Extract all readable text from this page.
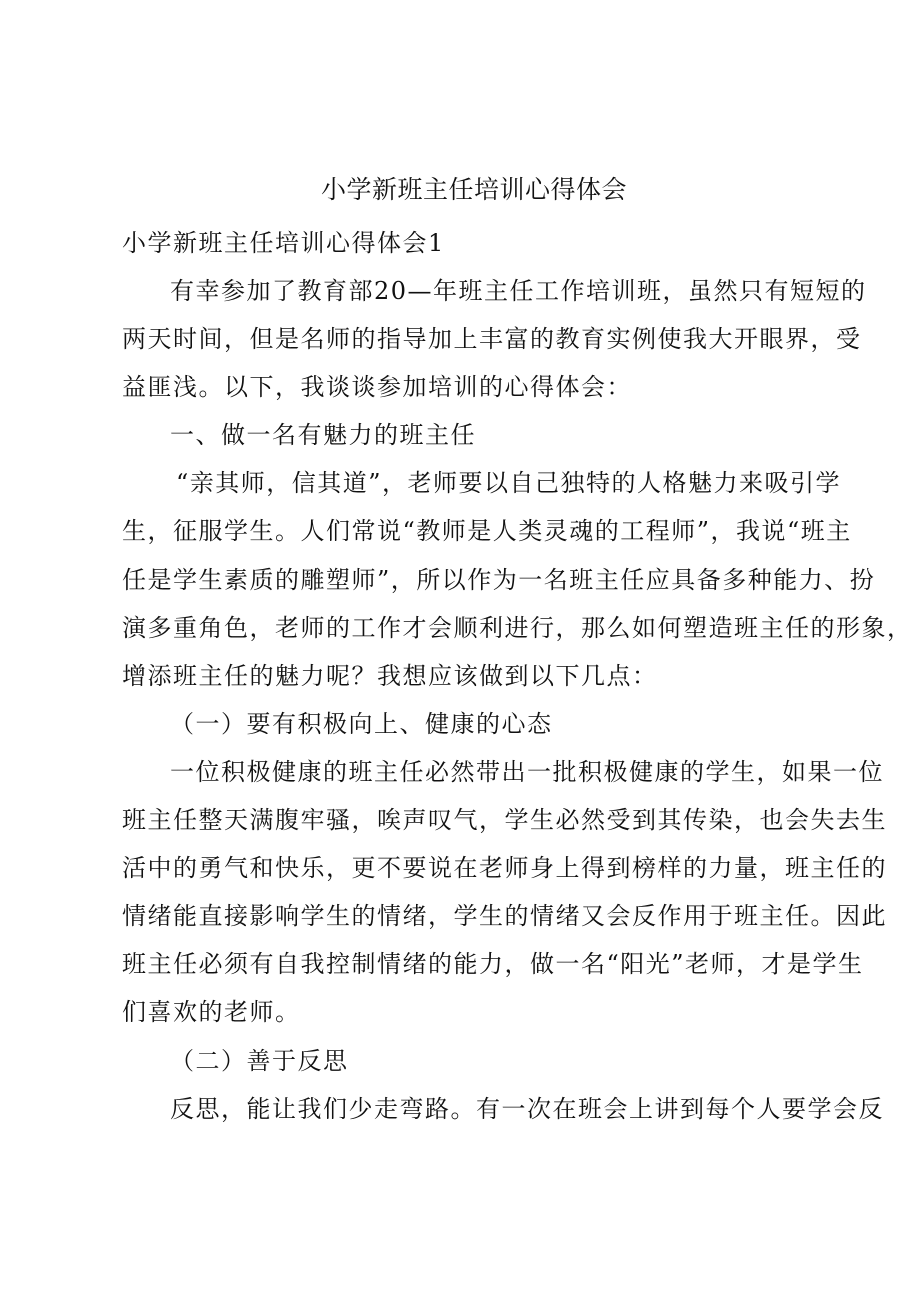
小学新班主任培训心得体会
小学新班主任培训心得体会1
有幸参加了教育部20—年班主任工作培训班，虽然只有短短的
两天时间，但是名师的指导加上丰富的教育实例使我大开眼界，受
益匪浅。以下，我谈谈参加培训的心得体会：
一、做一名有魅力的班主任
“亲其师，信其道”，老师要以自己独特的人格魅力来吸引学
生，征服学生。人们常说“教师是人类灵魂的工程师”，我说“班主
任是学生素质的雕塑师”，所以作为一名班主任应具备多种能力、扮
演多重角色，老师的工作才会顺利进行，那么如何塑造班主任的形象，
增添班主任的魅力呢？我想应该做到以下几点：
（一）要有积极向上、健康的心态
一位积极健康的班主任必然带出一批积极健康的学生，如果一位
班主任整天满腹牢骚，唉声叹气，学生必然受到其传染，也会失去生
活中的勇气和快乐，更不要说在老师身上得到榜样的力量，班主任的
情绪能直接影响学生的情绪，学生的情绪又会反作用于班主任。因此
班主任必须有自我控制情绪的能力，做一名“阳光”老师，才是学生
们喜欢的老师。
（二）善于反思
反思，能让我们少走弯路。有一次在班会上讲到每个人要学会反
